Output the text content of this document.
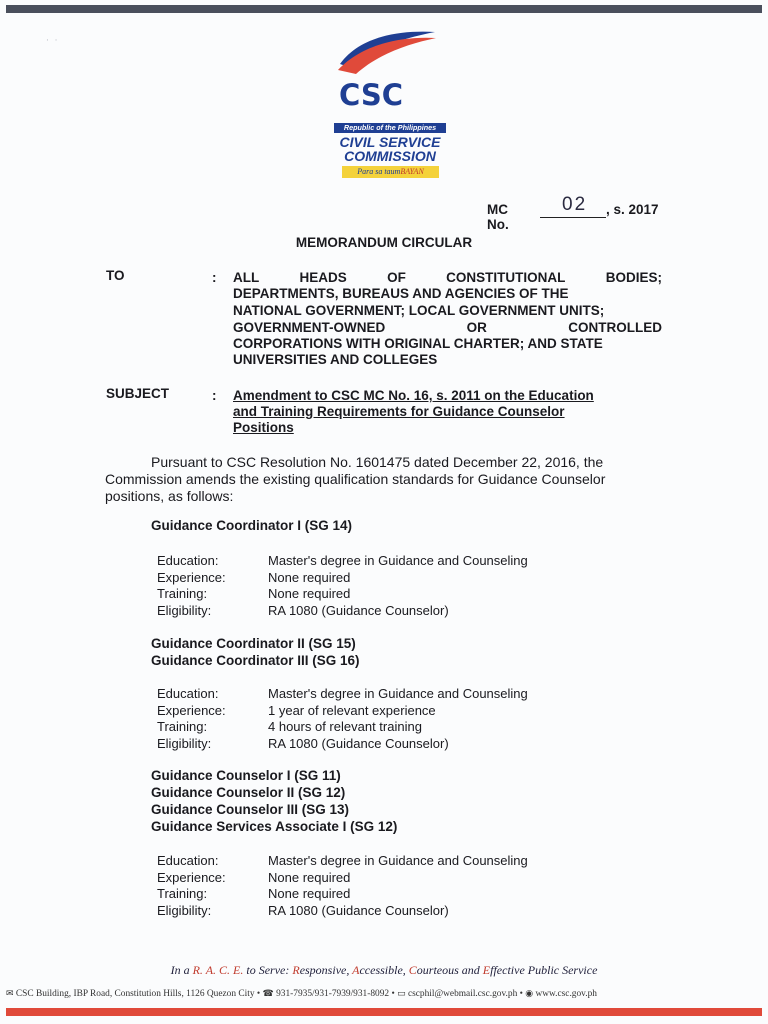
·  ·
CSC
Republic of the Philippines
CIVIL SERVICE
COMMISSION
Para sa taumBAYAN
MC No.
02 , s. 2017
MEMORANDUM CIRCULAR
TO	: ALL	HEADS	OF	CONSTITUTIONAL	BODIES;
DEPARTMENTS, BUREAUS AND AGENCIES OF THE
NATIONAL GOVERNMENT; LOCAL GOVERNMENT UNITS;
GOVERNMENT-OWNED	OR	CONTROLLED
CORPORATIONS WITH ORIGINAL CHARTER; AND STATE
UNIVERSITIES AND COLLEGES
SUBJECT	: Amendment to CSC MC No. 16, s. 2011 on the Education
and Training Requirements for Guidance Counselor
Positions
Pursuant to CSC Resolution No. 1601475 dated December 22, 2016, the Commission amends the existing qualification standards for Guidance Counselor positions, as follows:
Guidance Coordinator I (SG 14)
Education:	Master's degree in Guidance and Counseling
Experience:	None required
Training:	None required
Eligibility:	RA 1080 (Guidance Counselor)
Guidance Coordinator II (SG 15)
Guidance Coordinator III (SG 16)
Education:	Master's degree in Guidance and Counseling
Experience:	1 year of relevant experience
Training:	4 hours of relevant training
Eligibility:	RA 1080 (Guidance Counselor)
Guidance Counselor I (SG 11)
Guidance Counselor II (SG 12)
Guidance Counselor III (SG 13)
Guidance Services Associate I (SG 12)
Education:	Master's degree in Guidance and Counseling
Experience:	None required
Training:	None required
Eligibility:	RA 1080 (Guidance Counselor)
In a R. A. C. E. to Serve: Responsive, Accessible, Courteous and Effective Public Service
✉ CSC Building, IBP Road, Constitution Hills, 1126 Quezon City • ☎ 931-7935/931-7939/931-8092 • ▭ cscphil@webmail.csc.gov.ph • ◉ www.csc.gov.ph
